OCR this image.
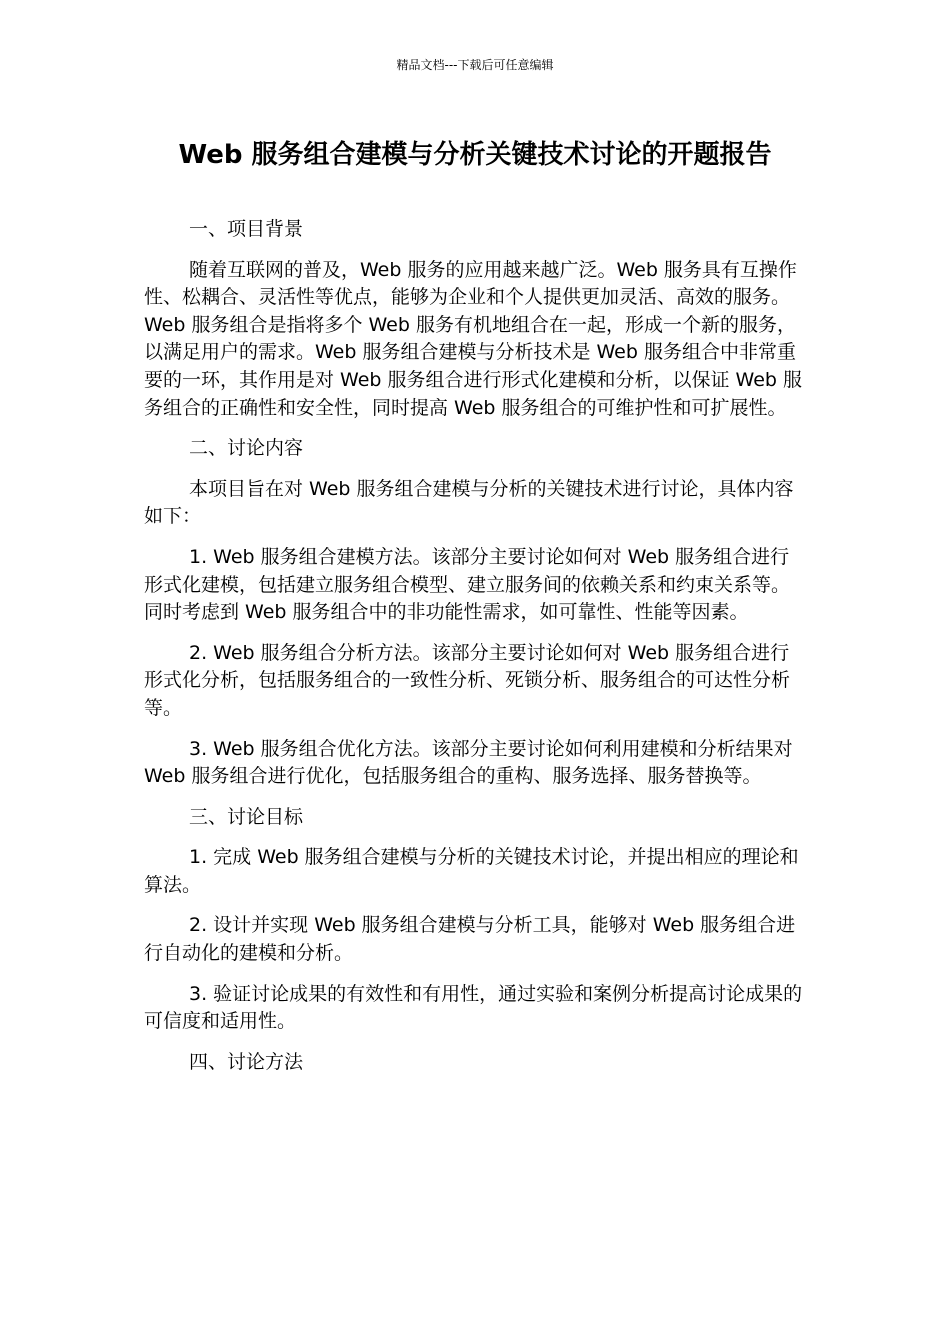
精品文档---下载后可任意编辑
Web 服务组合建模与分析关键技术讨论的开题报告

一、项目背景

随着互联网的普及，Web 服务的应用越来越广泛。Web 服务具有互操作性、松耦合、灵活性等优点，能够为企业和个人提供更加灵活、高效的服务。Web 服务组合是指将多个 Web 服务有机地组合在一起，形成一个新的服务，以满足用户的需求。Web 服务组合建模与分析技术是 Web 服务组合中非常重要的一环，其作用是对 Web 服务组合进行形式化建模和分析，以保证 Web 服务组合的正确性和安全性，同时提高 Web 服务组合的可维护性和可扩展性。

二、讨论内容

本项目旨在对 Web 服务组合建模与分析的关键技术进行讨论，具体内容如下：

1. Web 服务组合建模方法。该部分主要讨论如何对 Web 服务组合进行形式化建模，包括建立服务组合模型、建立服务间的依赖关系和约束关系等。同时考虑到 Web 服务组合中的非功能性需求，如可靠性、性能等因素。

2. Web 服务组合分析方法。该部分主要讨论如何对 Web 服务组合进行形式化分析，包括服务组合的一致性分析、死锁分析、服务组合的可达性分析等。

3. Web 服务组合优化方法。该部分主要讨论如何利用建模和分析结果对 Web 服务组合进行优化，包括服务组合的重构、服务选择、服务替换等。

三、讨论目标

1. 完成 Web 服务组合建模与分析的关键技术讨论，并提出相应的理论和算法。

2. 设计并实现 Web 服务组合建模与分析工具，能够对 Web 服务组合进行自动化的建模和分析。

3. 验证讨论成果的有效性和有用性，通过实验和案例分析提高讨论成果的可信度和适用性。

四、讨论方法
